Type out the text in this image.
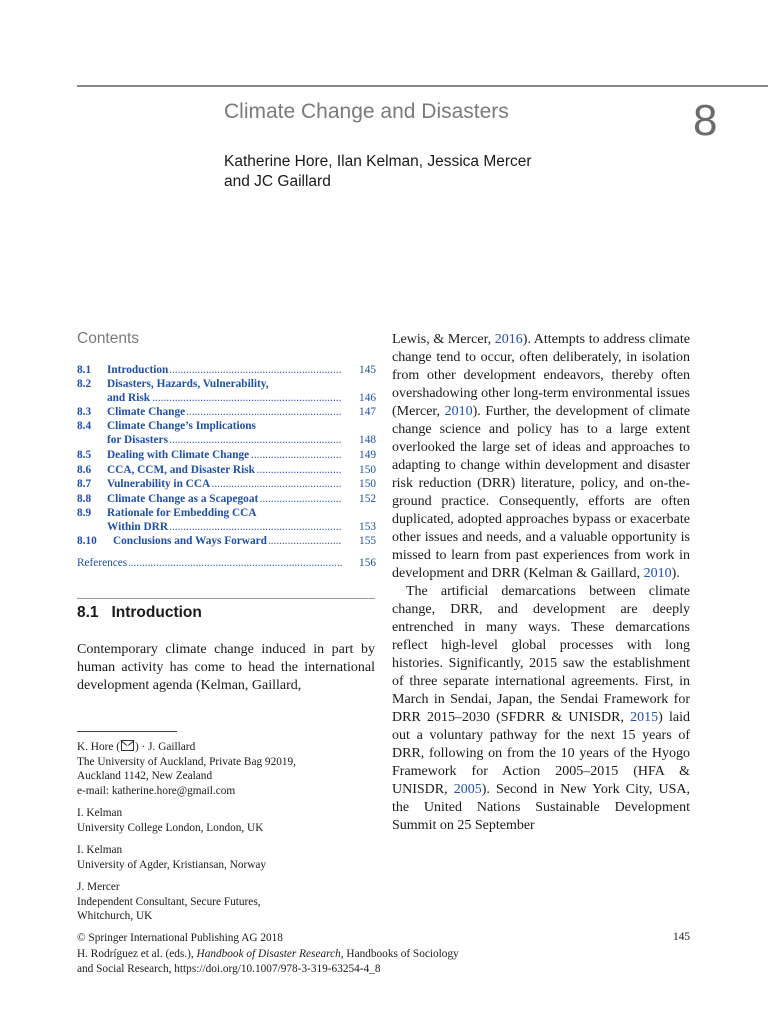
Climate Change and Disasters	8
Katherine Hore, Ilan Kelman, Jessica Mercer
and JC Gaillard
Contents
8.1 ..... Introduction	145
8.2 Disasters, Hazards, Vulnerability,
.....
and Risk	146
8.3 ..... Climate Change	147
8.4 Climate Change’s Implications
.....
for Disasters	148
8.5 ..... Dealing with Climate Change	149
8.6 ..... CCA, CCM, and Disaster Risk	150
8.7 ..... Vulnerability in CCA	150
8.8 ..... Climate Change as a Scapegoat	152
8.9 Rationale for Embedding CCA
.....
Within DRR	153
8.10 ..... Conclusions and Ways Forward	155
.....
References	156
8.1   Introduction
Contemporary climate change induced in part by human activity has come to head the international development agenda (Kelman, Gaillard,

Lewis, & Mercer, 2016). Attempts to address climate change tend to occur, often deliberately, in isolation from other development endeavors, thereby often overshadowing other long-term environmental issues (Mercer, 2010). Further, the development of climate change science and policy has to a large extent overlooked the large set of ideas and approaches to adapting to change within development and disaster risk reduction (DRR) literature, policy, and on-the-ground practice. Consequently, efforts are often duplicated, adopted approaches bypass or exacerbate other issues and needs, and a valuable opportunity is missed to learn from past experiences from work in development and DRR (Kelman & Gaillard, 2010).

The artificial demarcations between climate change, DRR, and development are deeply entrenched in many ways. These demarcations reflect high-level global processes with long histories. Significantly, 2015 saw the establishment of three separate international agreements. First, in March in Sendai, Japan, the Sendai Framework for DRR 2015–2030 (SFDRR & UNISDR, 2015) laid out a voluntary pathway for the next 15 years of DRR, following on from the 10 years of the Hyogo Framework for Action 2005–2015 (HFA & UNISDR, 2005). Second in New York City, USA, the United Nations Sustainable Development Summit on 25 September

K. Hore ( ) · J. Gaillard
The University of Auckland, Private Bag 92019,
Auckland 1142, New Zealand
e-mail: katherine.hore@gmail.com
I. Kelman
University College London, London, UK
I. Kelman
University of Agder, Kristiansan, Norway
J. Mercer
Independent Consultant, Secure Futures,
Whitchurch, UK
© Springer International Publishing AG 2018
H. Rodríguez et al. (eds.), Handbook of Disaster Research, Handbooks of Sociology
and Social Research, https://doi.org/10.1007/978-3-319-63254-4_8
145
